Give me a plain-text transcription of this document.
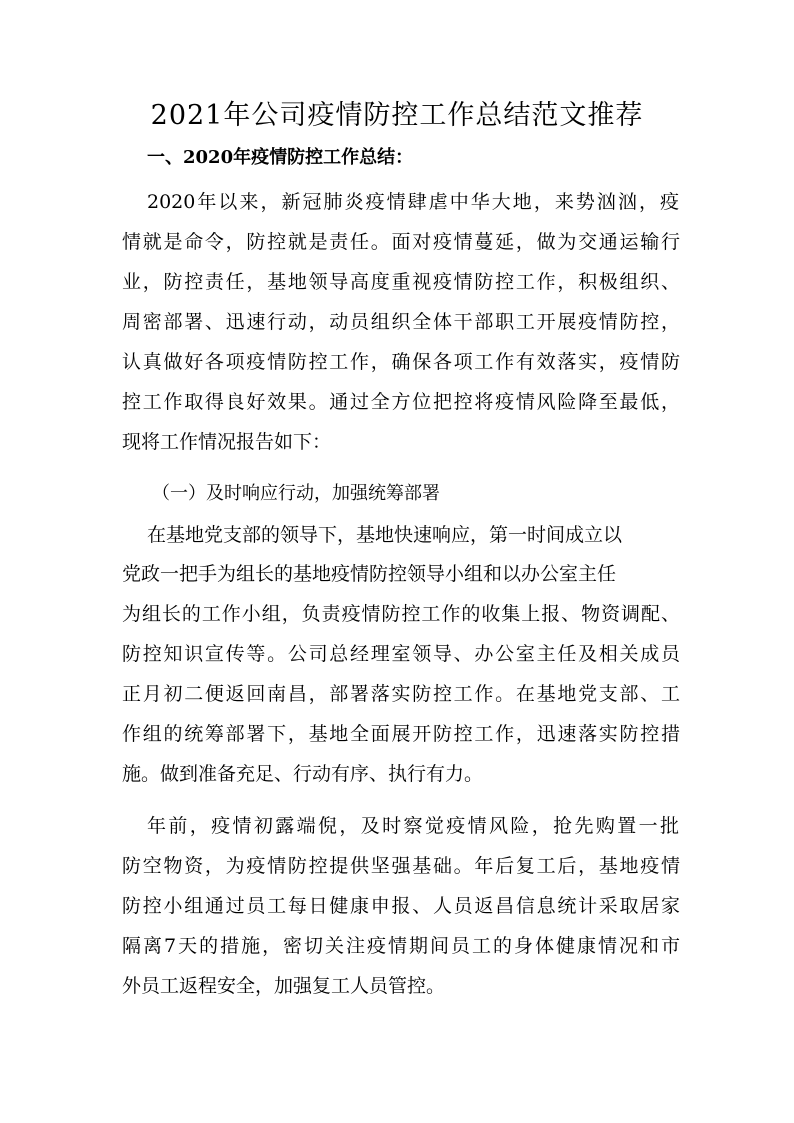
2021年公司疫情防控工作总结范文推荐
一、2020年疫情防控工作总结：

2020年以来，新冠肺炎疫情肆虐中华大地，来势汹汹，疫

情就是命令，防控就是责任。面对疫情蔓延，做为交通运输行

业，防控责任，基地领导高度重视疫情防控工作，积极组织、

周密部署、迅速行动，动员组织全体干部职工开展疫情防控，

认真做好各项疫情防控工作，确保各项工作有效落实，疫情防

控工作取得良好效果。通过全方位把控将疫情风险降至最低，

现将工作情况报告如下：

（一）及时响应行动，加强统筹部署

在基地党支部的领导下，基地快速响应，第一时间成立以

党政一把手为组长的基地疫情防控领导小组和以办公室主任

为组长的工作小组，负责疫情防控工作的收集上报、物资调配、

防控知识宣传等。公司总经理室领导、办公室主任及相关成员

正月初二便返回南昌，部署落实防控工作。在基地党支部、工

作组的统筹部署下，基地全面展开防控工作，迅速落实防控措

施。做到准备充足、行动有序、执行有力。

年前，疫情初露端倪，及时察觉疫情风险，抢先购置一批

防空物资，为疫情防控提供坚强基础。年后复工后，基地疫情

防控小组通过员工每日健康申报、人员返昌信息统计采取居家

隔离7天的措施，密切关注疫情期间员工的身体健康情况和市

外员工返程安全，加强复工人员管控。
